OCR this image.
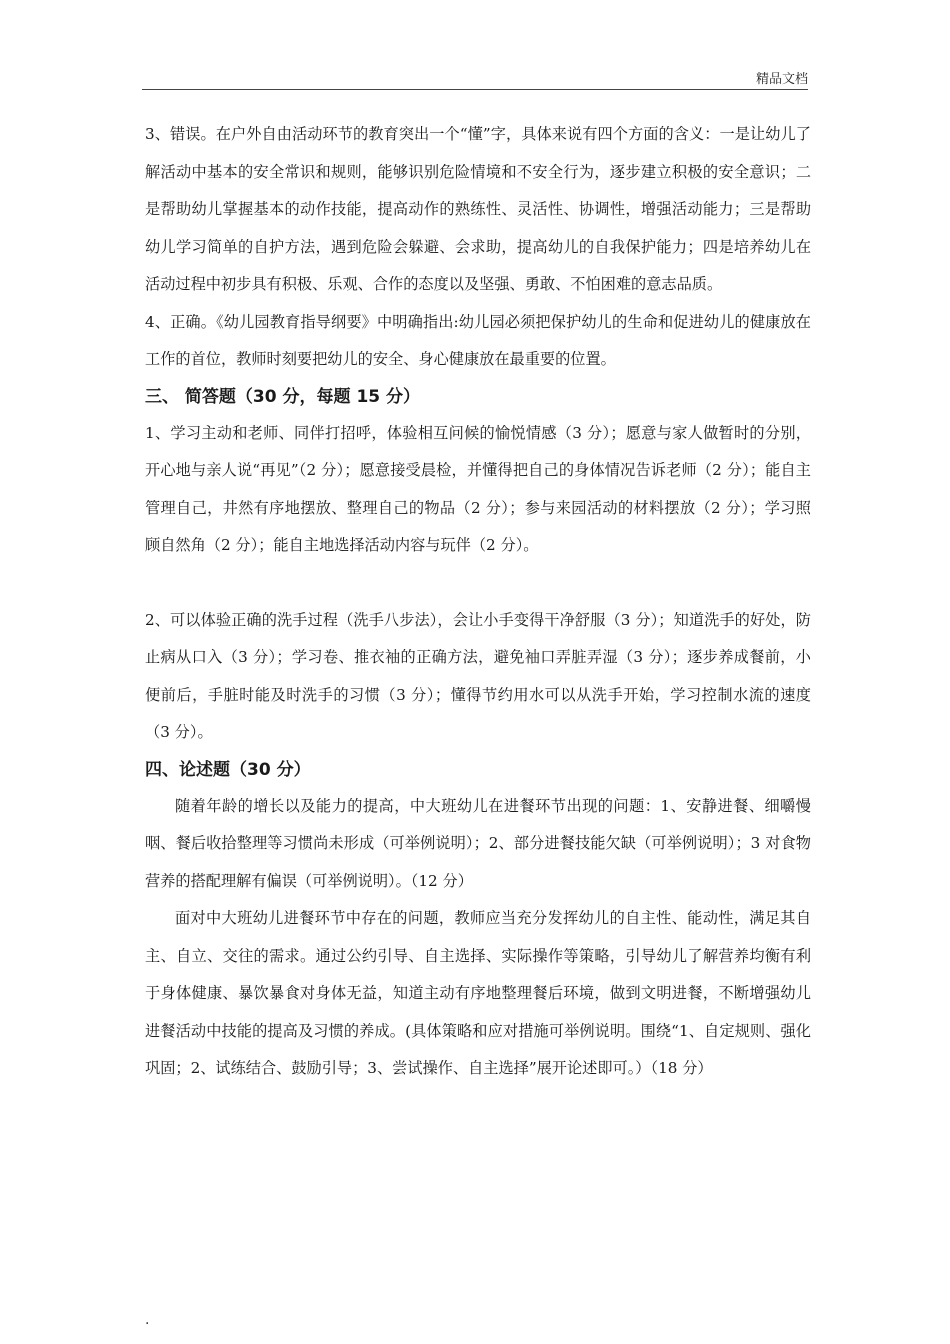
精品文档

3、错误。在户外自由活动环节的教育突出一个“懂”字，具体来说有四个方面的含义：一是让幼儿了解活动中基本的安全常识和规则，能够识别危险情境和不安全行为，逐步建立积极的安全意识；二是帮助幼儿掌握基本的动作技能，提高动作的熟练性、灵活性、协调性，增强活动能力；三是帮助幼儿学习简单的自护方法，遇到危险会躲避、会求助，提高幼儿的自我保护能力；四是培养幼儿在活动过程中初步具有积极、乐观、合作的态度以及坚强、勇敢、不怕困难的意志品质。

4、正确。《幼儿园教育指导纲要》中明确指出:幼儿园必须把保护幼儿的生命和促进幼儿的健康放在工作的首位，教师时刻要把幼儿的安全、身心健康放在最重要的位置。

三、 简答题（30 分，每题 15 分）

1、学习主动和老师、同伴打招呼，体验相互问候的愉悦情感（3 分）；愿意与家人做暂时的分别，开心地与亲人说“再见”（2 分）；愿意接受晨检，并懂得把自己的身体情况告诉老师（2 分）；能自主管理自己，井然有序地摆放、整理自己的物品（2 分）；参与来园活动的材料摆放（2 分）；学习照顾自然角（2 分）；能自主地选择活动内容与玩伴（2 分）。

2、可以体验正确的洗手过程（洗手八步法），会让小手变得干净舒服（3 分）；知道洗手的好处，防止病从口入（3 分）；学习卷、推衣袖的正确方法，避免袖口弄脏弄湿（3 分）；逐步养成餐前，小便前后，手脏时能及时洗手的习惯（3 分）；懂得节约用水可以从洗手开始，学习控制水流的速度（3 分）。

四、论述题（30 分）

随着年龄的增长以及能力的提高，中大班幼儿在进餐环节出现的问题：1、安静进餐、细嚼慢咽、餐后收拾整理等习惯尚未形成（可举例说明）；2、部分进餐技能欠缺（可举例说明）；3 对食物营养的搭配理解有偏误（可举例说明）。（12 分）

面对中大班幼儿进餐环节中存在的问题，教师应当充分发挥幼儿的自主性、能动性，满足其自主、自立、交往的需求。通过公约引导、自主选择、实际操作等策略，引导幼儿了解营养均衡有利于身体健康、暴饮暴食对身体无益，知道主动有序地整理餐后环境，做到文明进餐，不断增强幼儿进餐活动中技能的提高及习惯的养成。(具体策略和应对措施可举例说明。围绕“1、自定规则、强化巩固；2、试练结合、鼓励引导；3、尝试操作、自主选择”展开论述即可。）（18 分）

.
